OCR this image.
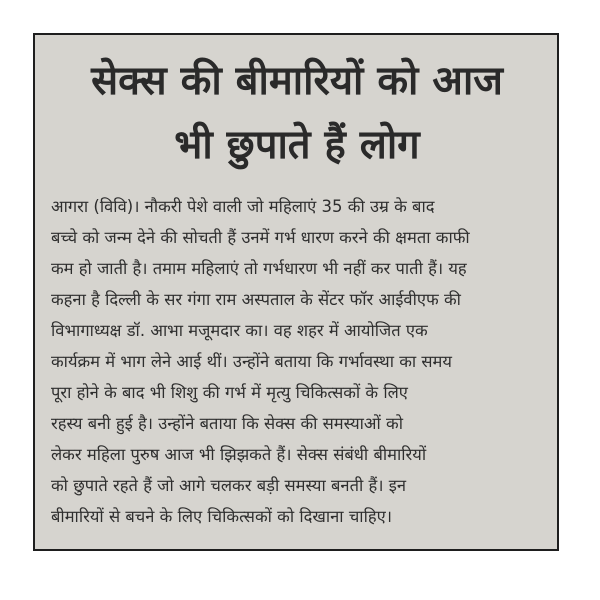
सेक्स की बीमारियों को आज
भी छुपाते हैं लोग
आगरा (विवि)। नौकरी पेशे वाली जो महिलाएं 35 की उम्र के बाद
बच्चे को जन्म देने की सोचती हैं उनमें गर्भ धारण करने की क्षमता काफी
कम हो जाती है। तमाम महिलाएं तो गर्भधारण भी नहीं कर पाती हैं। यह
कहना है दिल्ली के सर गंगा राम अस्पताल के सेंटर फॉर आईवीएफ की
विभागाध्यक्ष डॉ. आभा मजूमदार का। वह शहर में आयोजित एक
कार्यक्रम में भाग लेने आई थीं। उन्होंने बताया कि गर्भावस्था का समय
पूरा होने के बाद भी शिशु की गर्भ में मृत्यु चिकित्सकों के लिए
रहस्य बनी हुई है। उन्होंने बताया कि सेक्स की समस्याओं को
लेकर महिला पुरुष आज भी झिझकते हैं। सेक्स संबंधी बीमारियों
को छुपाते रहते हैं जो आगे चलकर बड़ी समस्या बनती हैं। इन
बीमारियों से बचने के लिए चिकित्सकों को दिखाना चाहिए।
